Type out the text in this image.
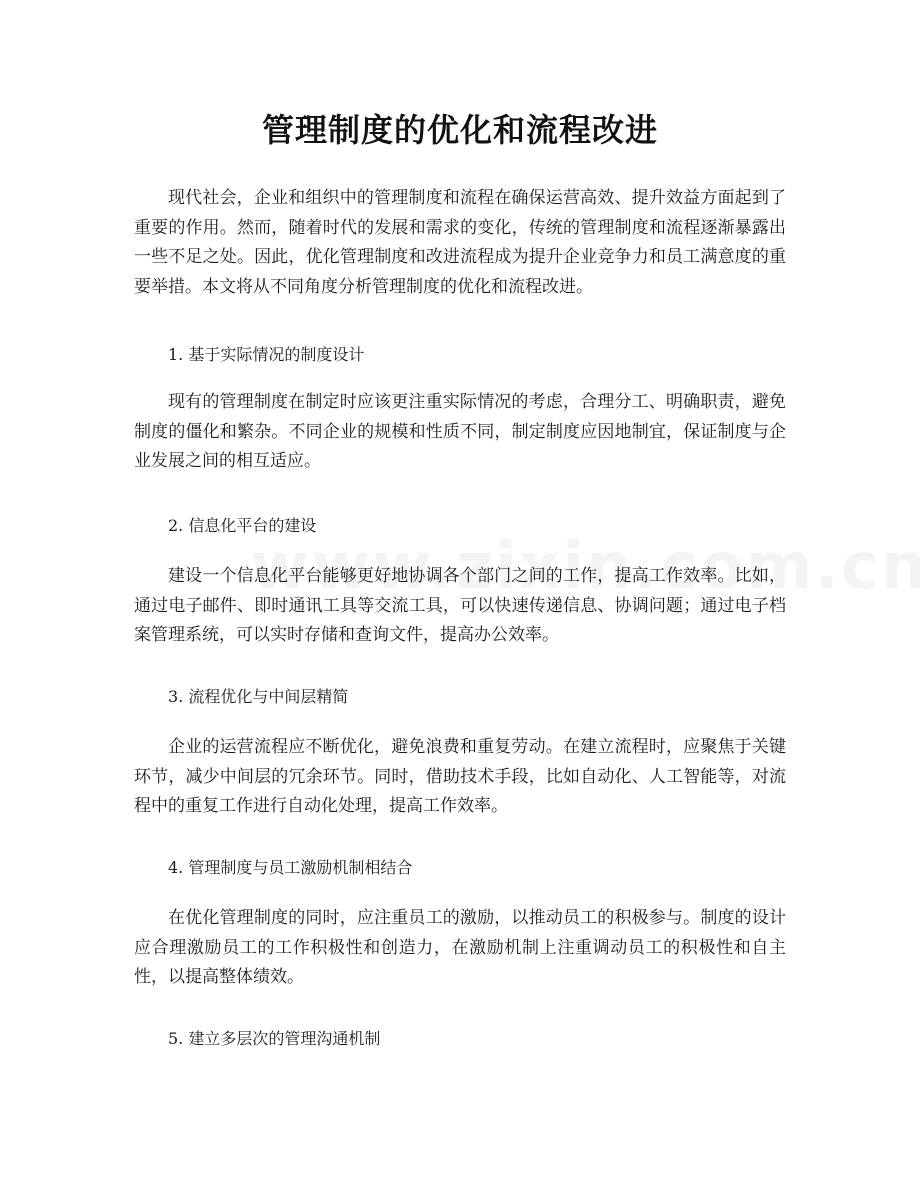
管理制度的优化和流程改进

现代社会，企业和组织中的管理制度和流程在确保运营高效、提升效益方面起到了重要的作用。然而，随着时代的发展和需求的变化，传统的管理制度和流程逐渐暴露出一些不足之处。因此，优化管理制度和改进流程成为提升企业竞争力和员工满意度的重要举措。本文将从不同角度分析管理制度的优化和流程改进。

1. 基于实际情况的制度设计

现有的管理制度在制定时应该更注重实际情况的考虑，合理分工、明确职责，避免制度的僵化和繁杂。不同企业的规模和性质不同，制定制度应因地制宜，保证制度与企业发展之间的相互适应。

2. 信息化平台的建设

建设一个信息化平台能够更好地协调各个部门之间的工作，提高工作效率。比如，通过电子邮件、即时通讯工具等交流工具，可以快速传递信息、协调问题；通过电子档案管理系统，可以实时存储和查询文件，提高办公效率。

3. 流程优化与中间层精简

企业的运营流程应不断优化，避免浪费和重复劳动。在建立流程时，应聚焦于关键环节，减少中间层的冗余环节。同时，借助技术手段，比如自动化、人工智能等，对流程中的重复工作进行自动化处理，提高工作效率。

4. 管理制度与员工激励机制相结合

在优化管理制度的同时，应注重员工的激励，以推动员工的积极参与。制度的设计应合理激励员工的工作积极性和创造力，在激励机制上注重调动员工的积极性和自主性，以提高整体绩效。

5. 建立多层次的管理沟通机制
